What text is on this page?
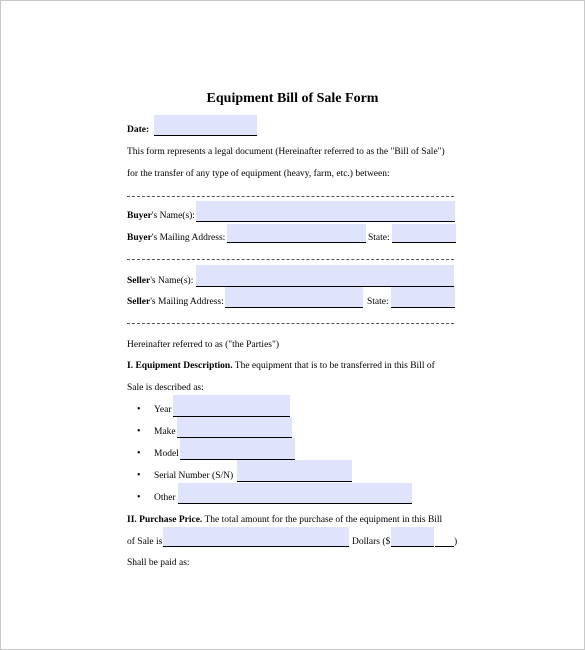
Equipment Bill of Sale Form
Date:
This form represents a legal document (Hereinafter referred to as the "Bill of Sale")
for the transfer of any type of equipment (heavy, farm, etc.) between:
Buyer's Name(s):
Buyer's Mailing Address:	State:
Seller's Name(s):
Seller's Mailing Address:	State:
Hereinafter referred to as ("the Parties")
I. Equipment Description. The equipment that is to be transferred in this Bill of
Sale is described as:
• Year
• Make
• Model
• Serial Number (S/N)
• Other
II. Purchase Price. The total amount for the purchase of the equipment in this Bill
of Sale is	Dollars ($	)
Shall be paid as:
